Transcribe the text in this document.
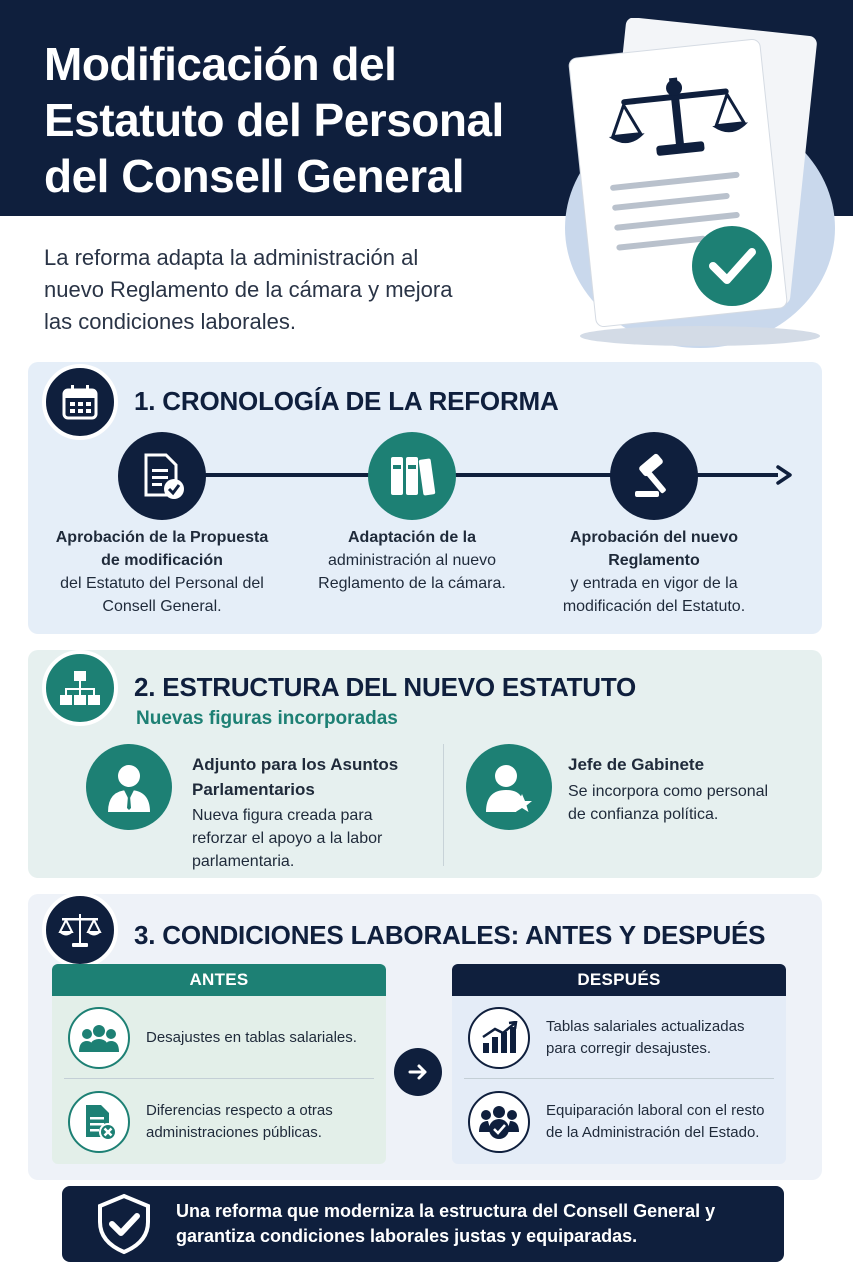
Modificación del Estatuto del Personal del Consell General

La reforma adapta la administración al nuevo Reglamento de la cámara y mejora las condiciones laborales.

1. CRONOLOGÍA DE LA REFORMA
Aprobación de la Propuesta de modificación
del Estatuto del Personal del Consell General.
Adaptación de la
administración al nuevo Reglamento de la cámara.
Aprobación del nuevo Reglamento
y entrada en vigor de la modificación del Estatuto.
2. ESTRUCTURA DEL NUEVO ESTATUTO
Nuevas figuras incorporadas
Adjunto para los Asuntos Parlamentarios
Nueva figura creada para reforzar el apoyo a la labor parlamentaria.
Jefe de Gabinete
Se incorpora como personal de confianza política.
3. CONDICIONES LABORALES: ANTES Y DESPUÉS
ANTES
Desajustes en tablas salariales.
Diferencias respecto a otras administraciones públicas.
DESPUÉS
Tablas salariales actualizadas para corregir desajustes.
Equiparación laboral con el resto de la Administración del Estado.
Una reforma que moderniza la estructura del Consell General y garantiza condiciones laborales justas y equiparadas.
